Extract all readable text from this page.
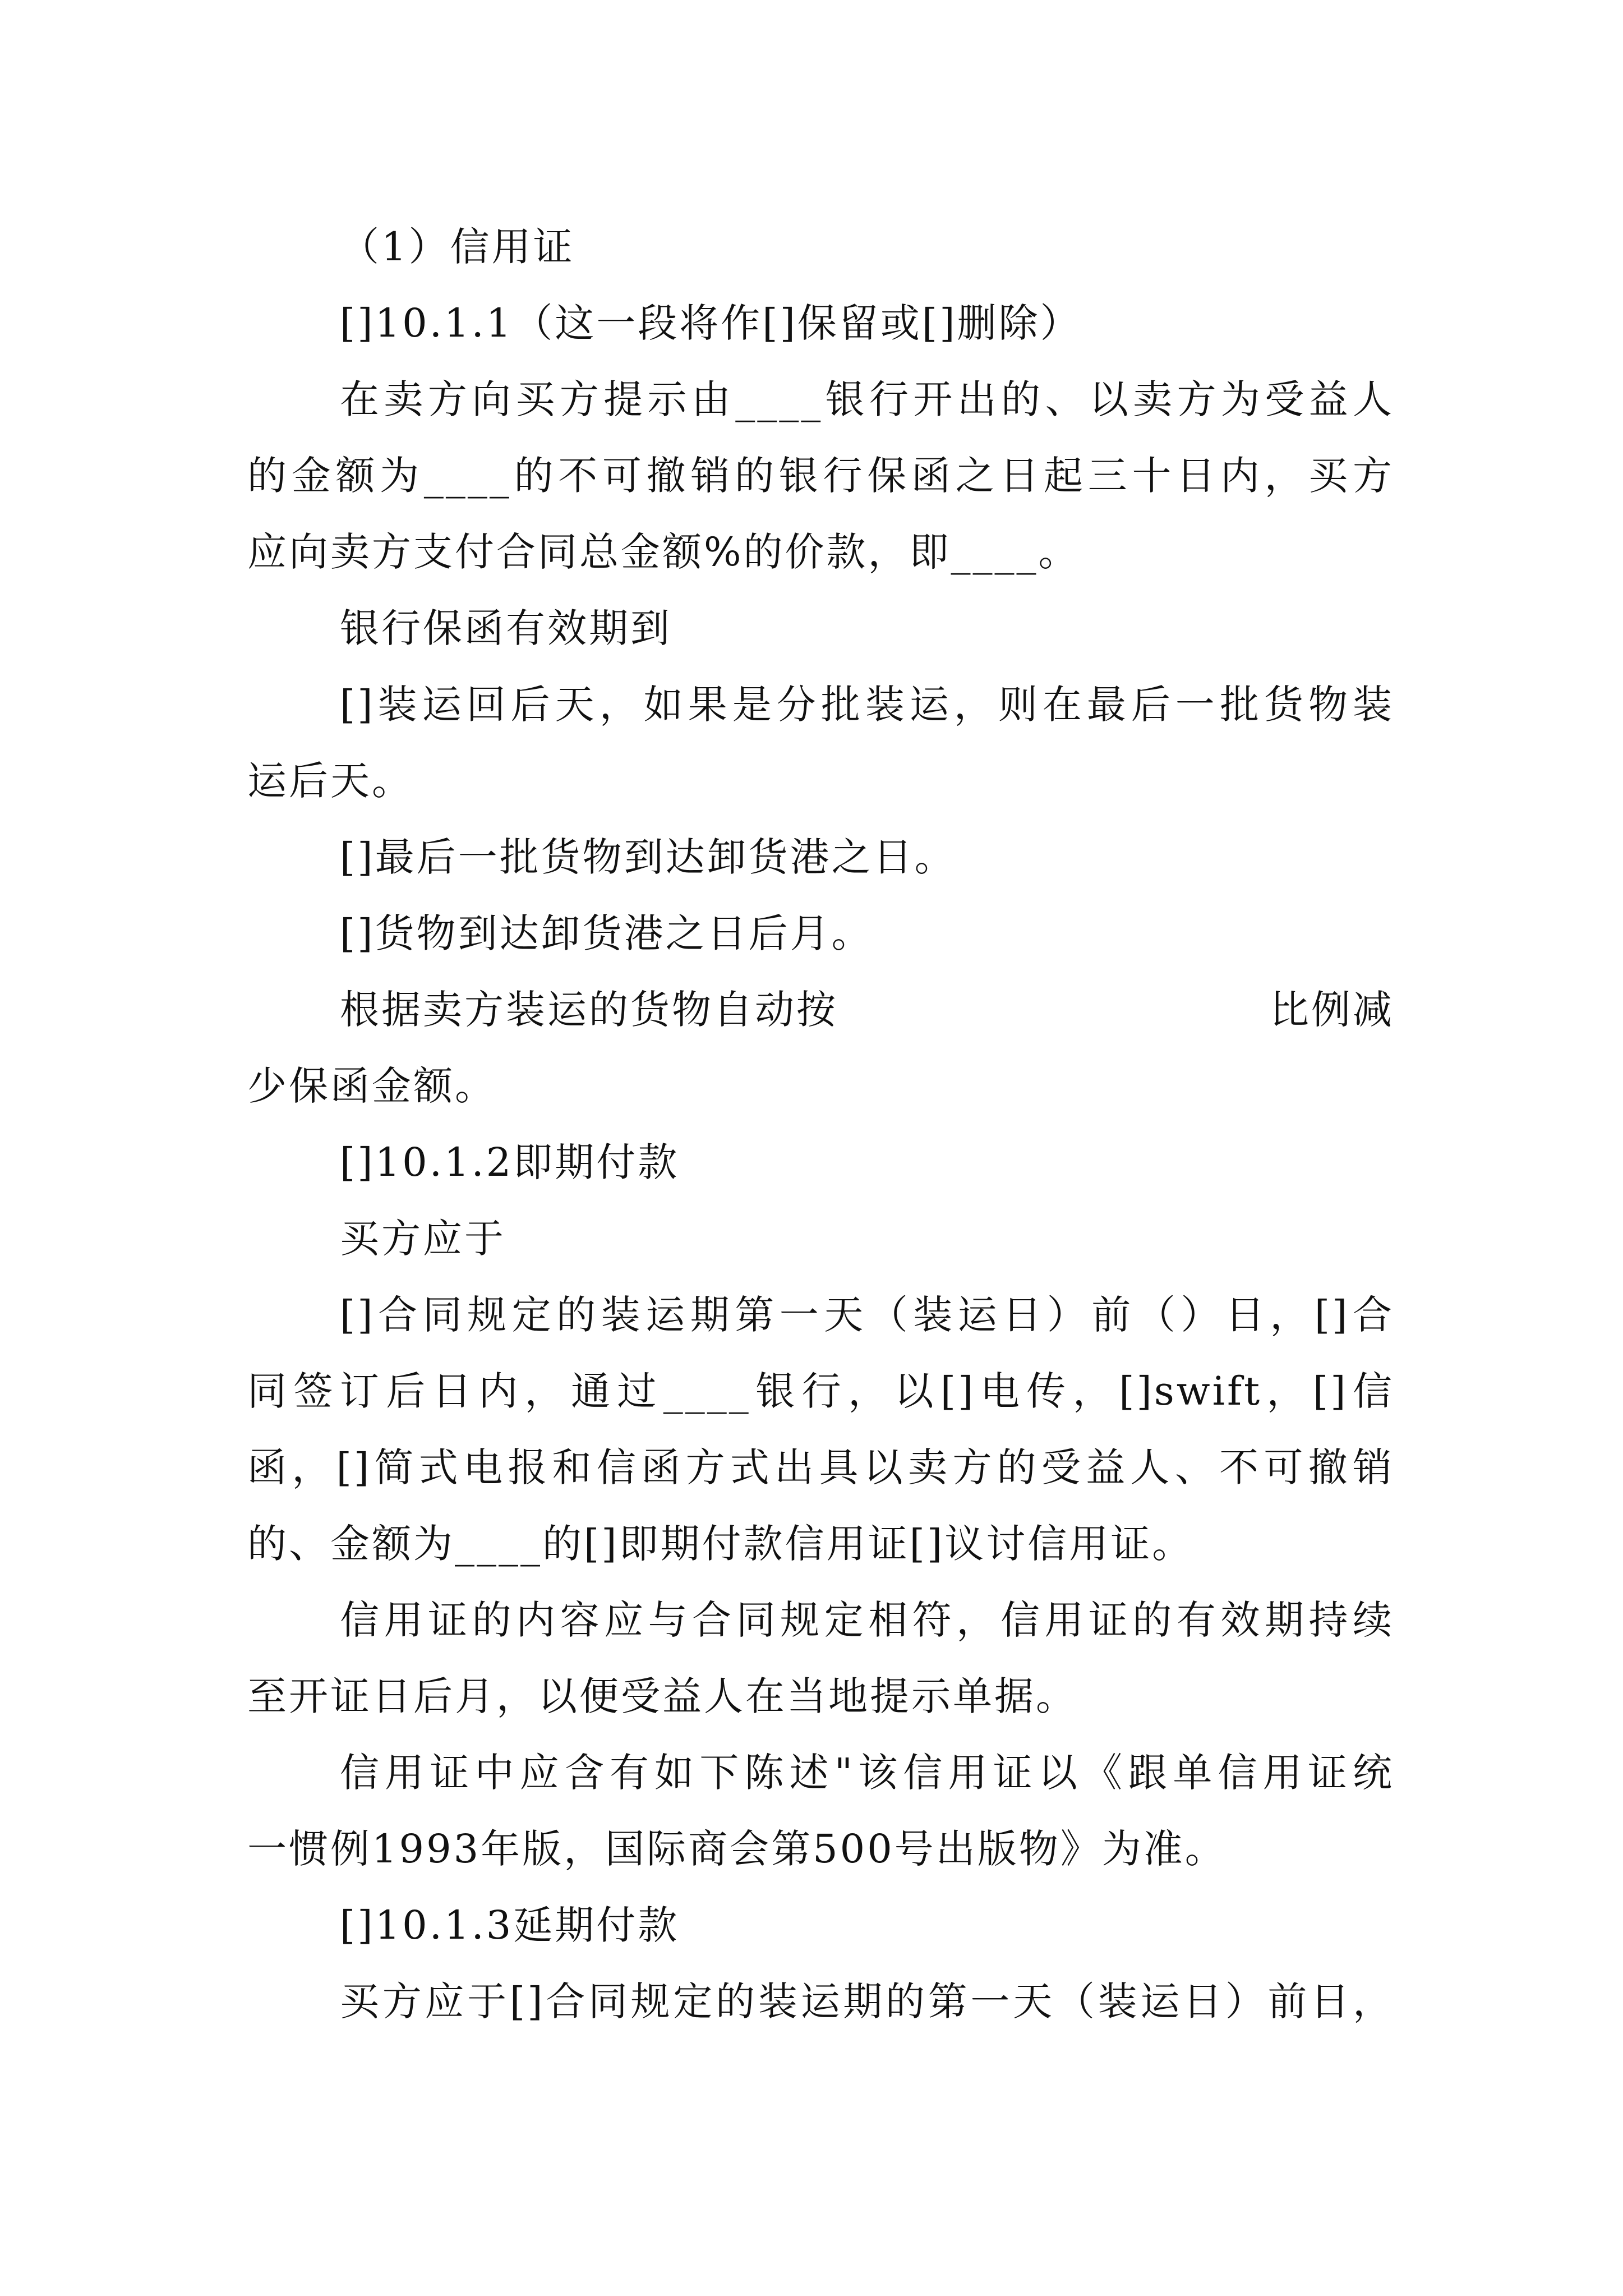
（1）信用证
[]10.1.1（这一段将作[]保留或[]删除）
在卖方向买方提示由____银行开出的、以卖方为受益人
的金额为____的不可撤销的银行保函之日起三十日内，买方
应向卖方支付合同总金额%的价款，即____。
银行保函有效期到
[]装运回后天，如果是分批装运，则在最后一批货物装
运后天。
[]最后一批货物到达卸货港之日。
[]货物到达卸货港之日后月。
根据卖方装运的货物自动按	比例减
少保函金额。
[]10.1.2即期付款
买方应于
[]合同规定的装运期第一天（装运日）前（）日，[]合
同签订后日内，通过____银行，以[]电传，[]swift，[]信
函，[]简式电报和信函方式出具以卖方的受益人、不可撤销
的、金额为____的[]即期付款信用证[]议讨信用证。
信用证的内容应与合同规定相符，信用证的有效期持续
至开证日后月，以便受益人在当地提示单据。
信用证中应含有如下陈述"该信用证以《跟单信用证统
一惯例1993年版，国际商会第500号出版物》为准。
[]10.1.3延期付款
买方应于[]合同规定的装运期的第一天（装运日）前日，
